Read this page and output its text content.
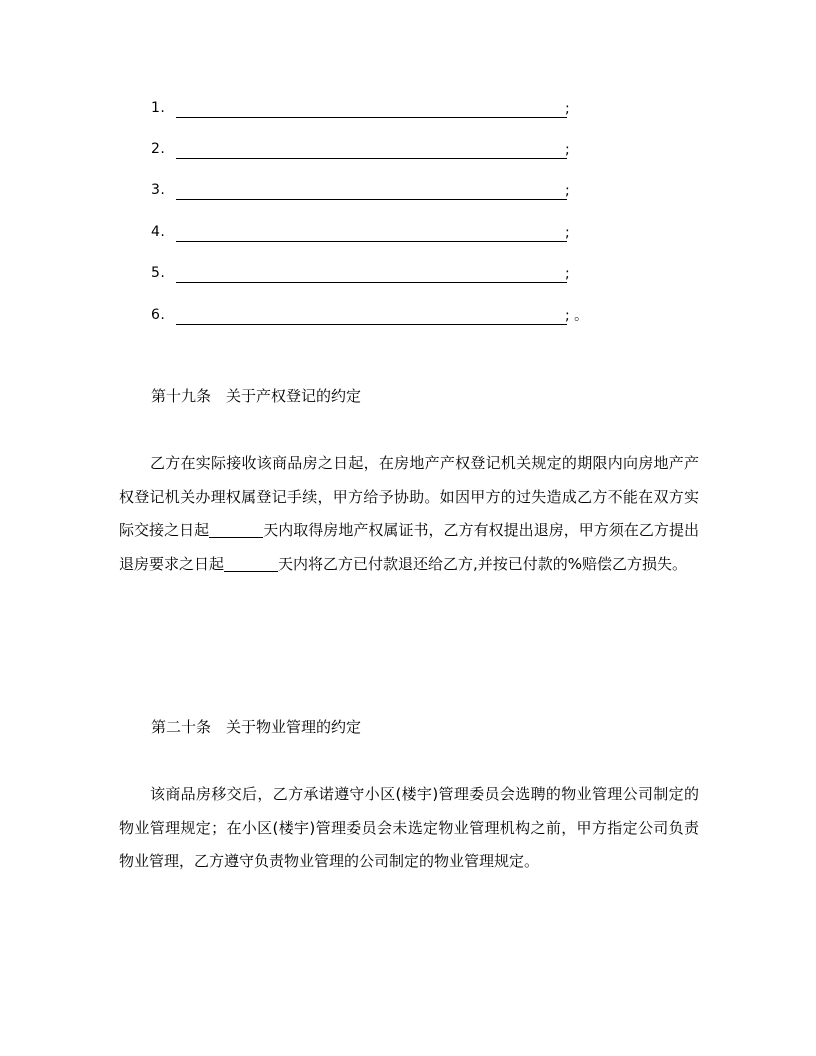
1.	;
2.	;
3.	;
4.	;
5.	;
6.	; 。
第十九条　关于产权登记的约定

乙方在实际接收该商品房之日起，在房地产产权登记机关规定的期限内向房地产产权登记机关办理权属登记手续，甲方给予协助。如因甲方的过失造成乙方不能在双方实际交接之日起	天内取得房地产权属证书，乙方有权提出退房，甲方须在乙方提出退房要求之日起	天内将乙方已付款退还给乙方,并按已付款的%赔偿乙方损失。

第二十条　关于物业管理的约定

该商品房移交后，乙方承诺遵守小区(楼宇)管理委员会选聘的物业管理公司制定的物业管理规定；在小区(楼宇)管理委员会未选定物业管理机构之前，甲方指定公司负责物业管理，乙方遵守负责物业管理的公司制定的物业管理规定。
